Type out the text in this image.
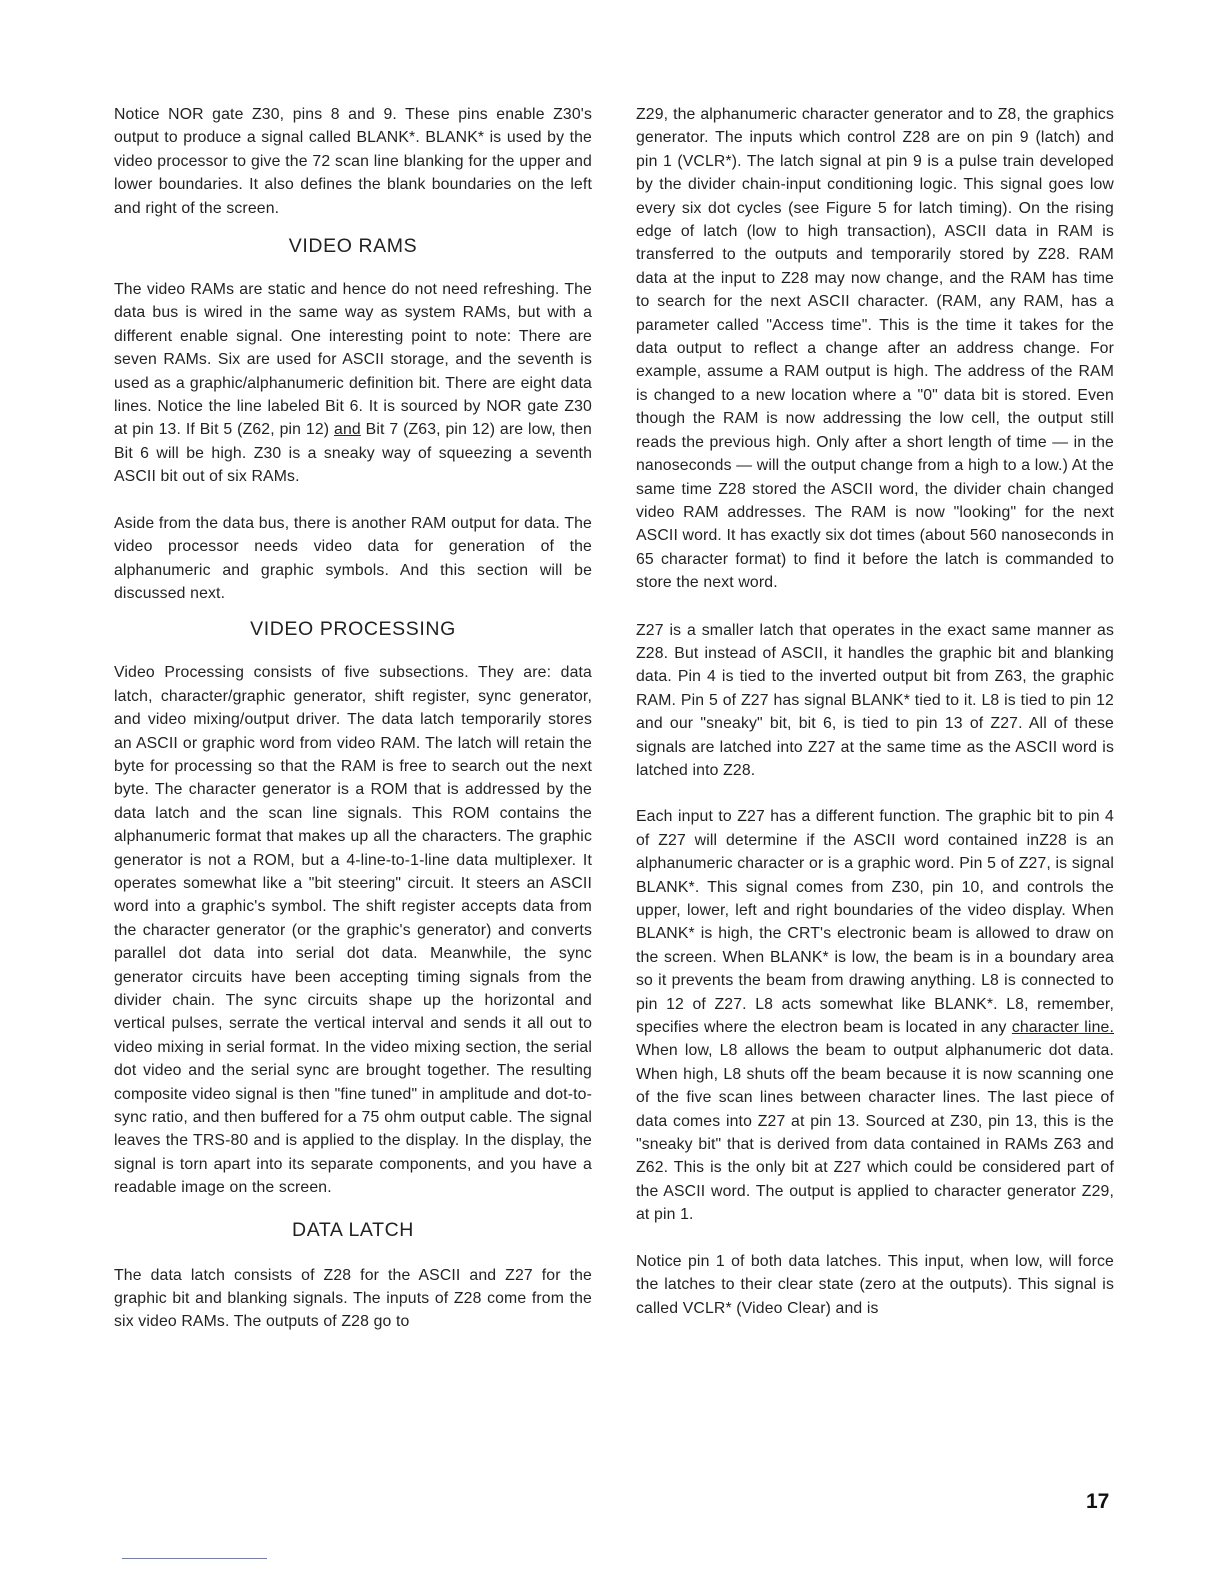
Notice NOR gate Z30, pins 8 and 9. These pins enable Z30's output to produce a signal called BLANK*. BLANK* is used by the video processor to give the 72 scan line blanking for the upper and lower boundaries. It also defines the blank boundaries on the left and right of the screen.

VIDEO RAMS

The video RAMs are static and hence do not need refreshing. The data bus is wired in the same way as system RAMs, but with a different enable signal. One interesting point to note: There are seven RAMs. Six are used for ASCII storage, and the seventh is used as a graphic/alphanumeric definition bit. There are eight data lines. Notice the line labeled Bit 6. It is sourced by NOR gate Z30 at pin 13. If Bit 5 (Z62, pin 12) and Bit 7 (Z63, pin 12) are low, then Bit 6 will be high. Z30 is a sneaky way of squeezing a seventh ASCII bit out of six RAMs.

Aside from the data bus, there is another RAM output for data. The video processor needs video data for generation of the alphanumeric and graphic symbols. And this section will be discussed next.

VIDEO PROCESSING

Video Processing consists of five subsections. They are: data latch, character/graphic generator, shift register, sync generator, and video mixing/output driver. The data latch temporarily stores an ASCII or graphic word from video RAM. The latch will retain the byte for processing so that the RAM is free to search out the next byte. The character generator is a ROM that is addressed by the data latch and the scan line signals. This ROM contains the alphanumeric format that makes up all the characters. The graphic generator is not a ROM, but a 4-line-to-1-line data multiplexer. It operates somewhat like a "bit steering" circuit. It steers an ASCII word into a graphic's symbol. The shift register accepts data from the character generator (or the graphic's generator) and converts parallel dot data into serial dot data. Meanwhile, the sync generator circuits have been accepting timing signals from the divider chain. The sync circuits shape up the horizontal and vertical pulses, serrate the vertical interval and sends it all out to video mixing in serial format. In the video mixing section, the serial dot video and the serial sync are brought together. The resulting composite video signal is then "fine tuned" in amplitude and dot-to-sync ratio, and then buffered for a 75 ohm output cable. The signal leaves the TRS-80 and is applied to the display. In the display, the signal is torn apart into its separate components, and you have a readable image on the screen.

DATA LATCH

The data latch consists of Z28 for the ASCII and Z27 for the graphic bit and blanking signals. The inputs of Z28 come from the six video RAMs. The outputs of Z28 go to

Z29, the alphanumeric character generator and to Z8, the graphics generator. The inputs which control Z28 are on pin 9 (latch) and pin 1 (VCLR*). The latch signal at pin 9 is a pulse train developed by the divider chain-input conditioning logic. This signal goes low every six dot cycles (see Figure 5 for latch timing). On the rising edge of latch (low to high transaction), ASCII data in RAM is transferred to the outputs and temporarily stored by Z28. RAM data at the input to Z28 may now change, and the RAM has time to search for the next ASCII character. (RAM, any RAM, has a parameter called "Access time". This is the time it takes for the data output to reflect a change after an address change. For example, assume a RAM output is high. The address of the RAM is changed to a new location where a "0" data bit is stored. Even though the RAM is now addressing the low cell, the output still reads the previous high. Only after a short length of time — in the nanoseconds — will the output change from a high to a low.) At the same time Z28 stored the ASCII word, the divider chain changed video RAM addresses. The RAM is now "looking" for the next ASCII word. It has exactly six dot times (about 560 nanoseconds in 65 character format) to find it before the latch is commanded to store the next word.

Z27 is a smaller latch that operates in the exact same manner as Z28. But instead of ASCII, it handles the graphic bit and blanking data. Pin 4 is tied to the inverted output bit from Z63, the graphic RAM. Pin 5 of Z27 has signal BLANK* tied to it. L8 is tied to pin 12 and our "sneaky" bit, bit 6, is tied to pin 13 of Z27. All of these signals are latched into Z27 at the same time as the ASCII word is latched into Z28.

Each input to Z27 has a different function. The graphic bit to pin 4 of Z27 will determine if the ASCII word contained inZ28 is an alphanumeric character or is a graphic word. Pin 5 of Z27, is signal BLANK*. This signal comes from Z30, pin 10, and controls the upper, lower, left and right boundaries of the video display. When BLANK* is high, the CRT's electronic beam is allowed to draw on the screen. When BLANK* is low, the beam is in a boundary area so it prevents the beam from drawing anything. L8 is connected to pin 12 of Z27. L8 acts somewhat like BLANK*. L8, remember, specifies where the electron beam is located in any character line. When low, L8 allows the beam to output alphanumeric dot data. When high, L8 shuts off the beam because it is now scanning one of the five scan lines between character lines. The last piece of data comes into Z27 at pin 13. Sourced at Z30, pin 13, this is the "sneaky bit" that is derived from data contained in RAMs Z63 and Z62. This is the only bit at Z27 which could be considered part of the ASCII word. The output is applied to character generator Z29, at pin 1.

Notice pin 1 of both data latches. This input, when low, will force the latches to their clear state (zero at the outputs). This signal is called VCLR* (Video Clear) and is

17
